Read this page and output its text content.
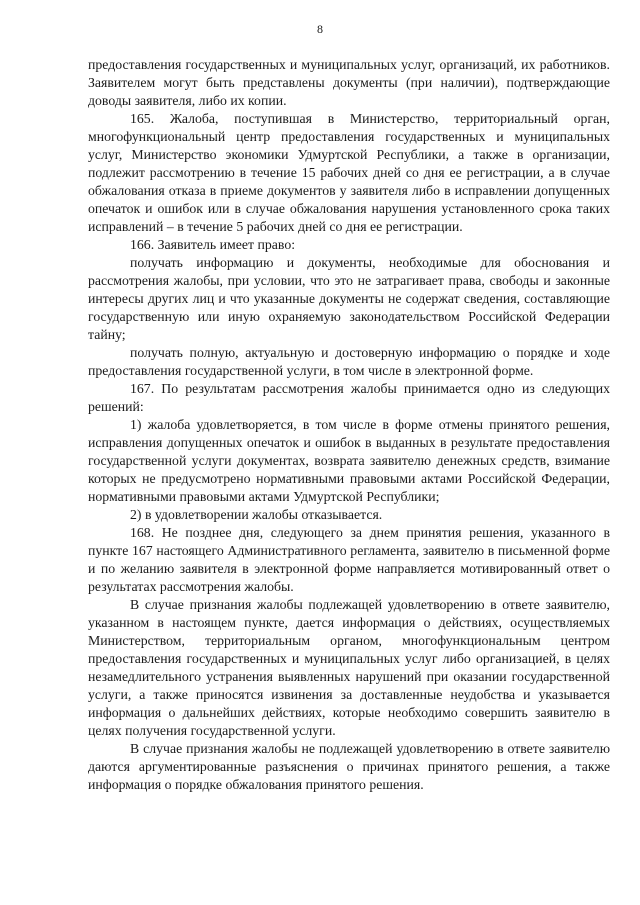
8

предоставления государственных и муниципальных услуг, организаций, их работников. Заявителем могут быть представлены документы (при наличии), подтверждающие доводы заявителя, либо их копии.

165. Жалоба, поступившая в Министерство, территориальный орган, многофункциональный центр предоставления государственных и муниципальных услуг, Министерство экономики Удмуртской Республики, а также в организации, подлежит рассмотрению в течение 15 рабочих дней со дня ее регистрации, а в случае обжалования отказа в приеме документов у заявителя либо в исправлении допущенных опечаток и ошибок или в случае обжалования нарушения установленного срока таких исправлений – в течение 5 рабочих дней со дня ее регистрации.

166. Заявитель имеет право:

получать информацию и документы, необходимые для обоснования и рассмотрения жалобы, при условии, что это не затрагивает права, свободы и законные интересы других лиц и что указанные документы не содержат сведения, составляющие государственную или иную охраняемую законодательством Российской Федерации тайну;

получать полную, актуальную и достоверную информацию о порядке и ходе предоставления государственной услуги, в том числе в электронной форме.

167. По результатам рассмотрения жалобы принимается одно из следующих решений:

1) жалоба удовлетворяется, в том числе в форме отмены принятого решения, исправления допущенных опечаток и ошибок в выданных в результате предоставления государственной услуги документах, возврата заявителю денежных средств, взимание которых не предусмотрено нормативными правовыми актами Российской Федерации, нормативными правовыми актами Удмуртской Республики;

2) в удовлетворении жалобы отказывается.

168. Не позднее дня, следующего за днем принятия решения, указанного в пункте 167 настоящего Административного регламента, заявителю в письменной форме и по желанию заявителя в электронной форме направляется мотивированный ответ о результатах рассмотрения жалобы.

В случае признания жалобы подлежащей удовлетворению в ответе заявителю, указанном в настоящем пункте, дается информация о действиях, осуществляемых Министерством, территориальным органом, многофункциональным центром предоставления государственных и муниципальных услуг либо организацией, в целях незамедлительного устранения выявленных нарушений при оказании государственной услуги, а также приносятся извинения за доставленные неудобства и указывается информация о дальнейших действиях, которые необходимо совершить заявителю в целях получения государственной услуги.

В случае признания жалобы не подлежащей удовлетворению в ответе заявителю даются аргументированные разъяснения о причинах принятого решения, а также информация о порядке обжалования принятого решения.
